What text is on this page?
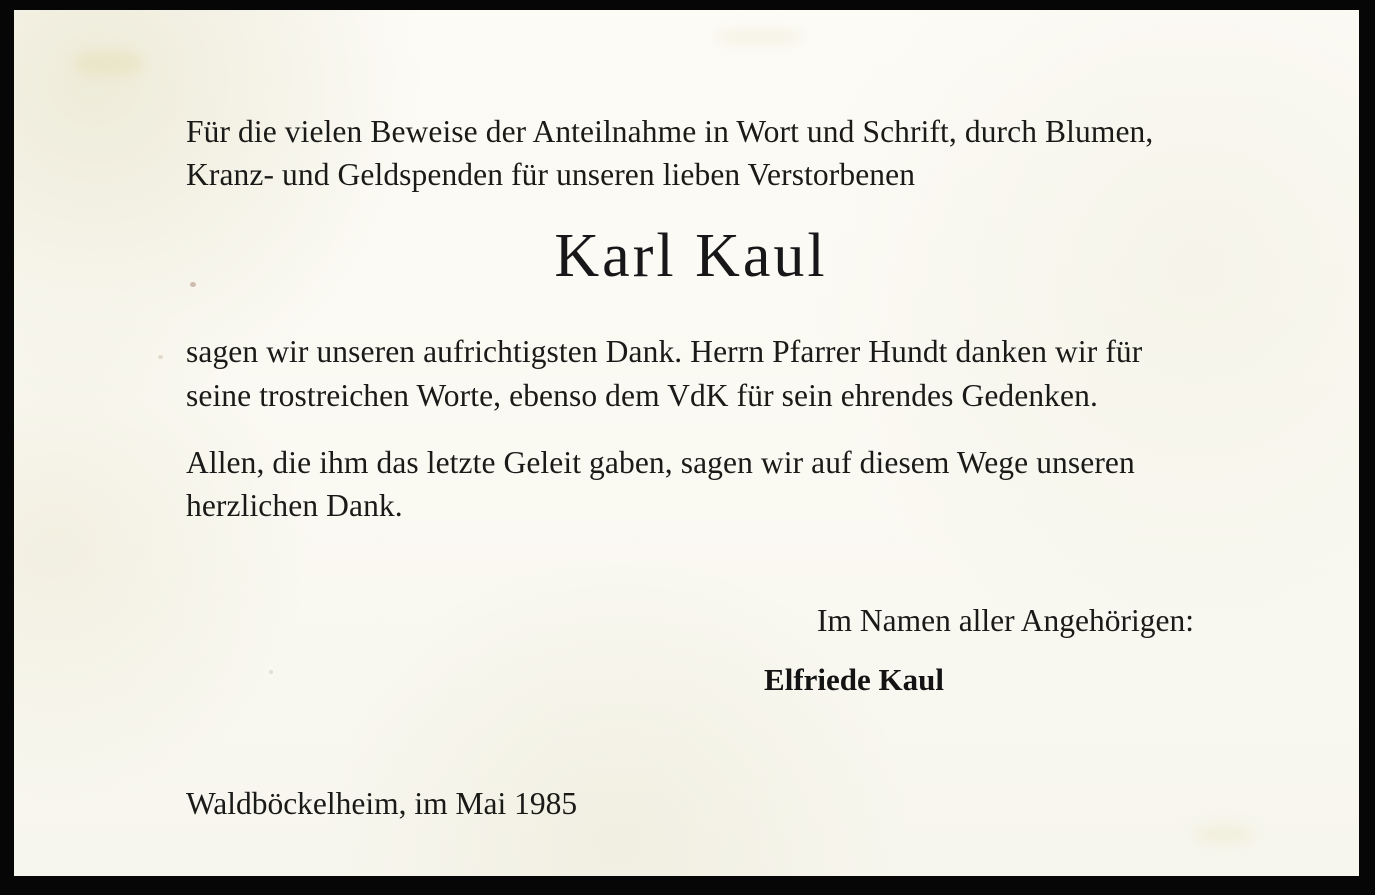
Für die vielen Beweise der Anteilnahme in Wort und Schrift, durch Blumen, Kranz- und Geldspenden für unseren lieben Verstorbenen

Karl Kaul

sagen wir unseren aufrichtigsten Dank. Herrn Pfarrer Hundt danken wir für seine trostreichen Worte, ebenso dem VdK für sein ehrendes Gedenken.

Allen, die ihm das letzte Geleit gaben, sagen wir auf diesem Wege unseren herzlichen Dank.

Im Namen aller Angehörigen:
Elfriede Kaul
Waldböckelheim, im Mai 1985
